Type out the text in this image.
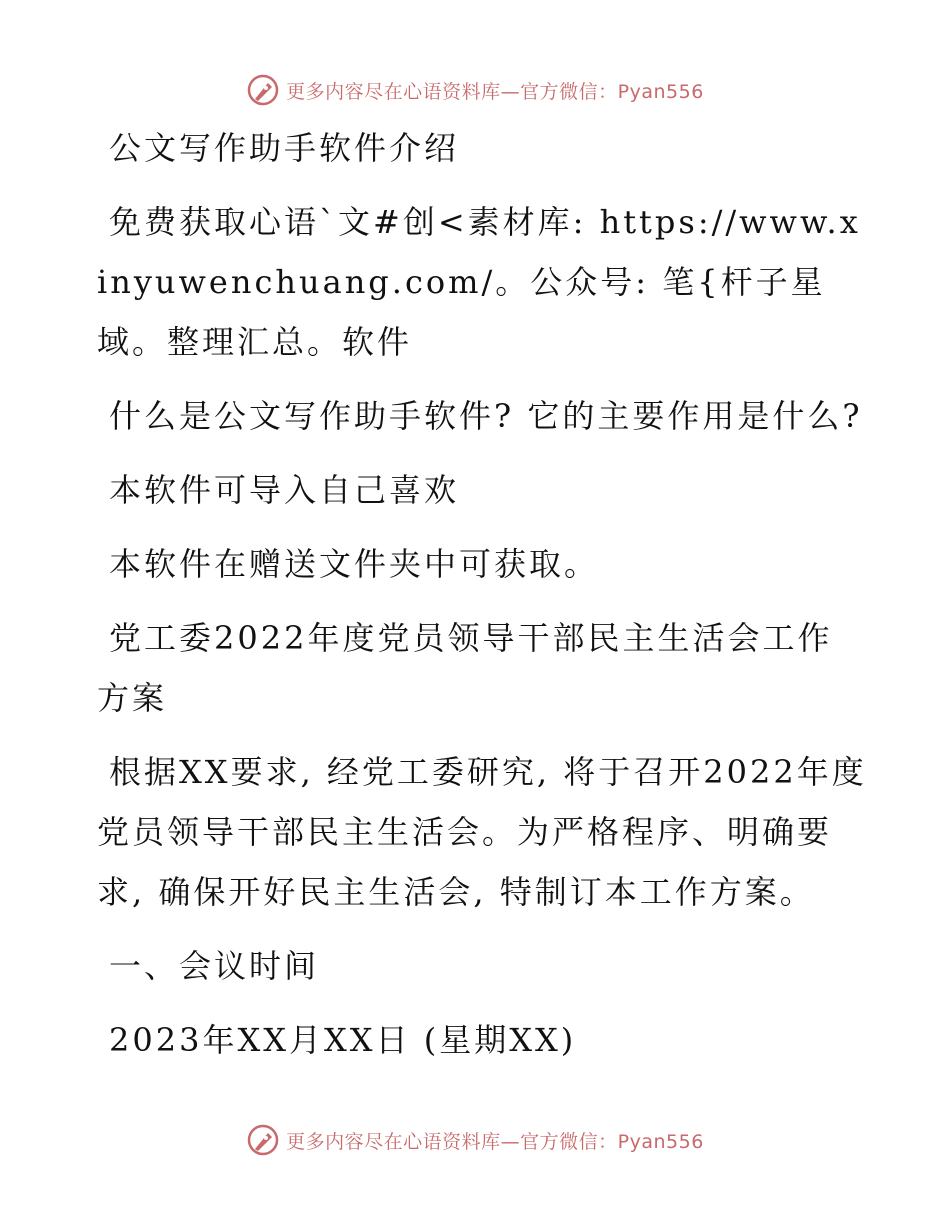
更多内容尽在心语资料库—官方微信：Pyan556

公文写作助手软件介绍

免费获取心语`文#创<素材库: https://www.xinyuwenchuang.com/。公众号: 笔{杆子星域。整理汇总。软件

什么是公文写作助手软件? 它的主要作用是什么?

本软件可导入自己喜欢

本软件在赠送文件夹中可获取。

党工委2022年度党员领导干部民主生活会工作方案

根据XX要求, 经党工委研究, 将于召开2022年度党员领导干部民主生活会。为严格程序、明确要求, 确保开好民主生活会, 特制订本工作方案。

一、会议时间

2023年XX月XX日 (星期XX)

更多内容尽在心语资料库—官方微信：Pyan556
